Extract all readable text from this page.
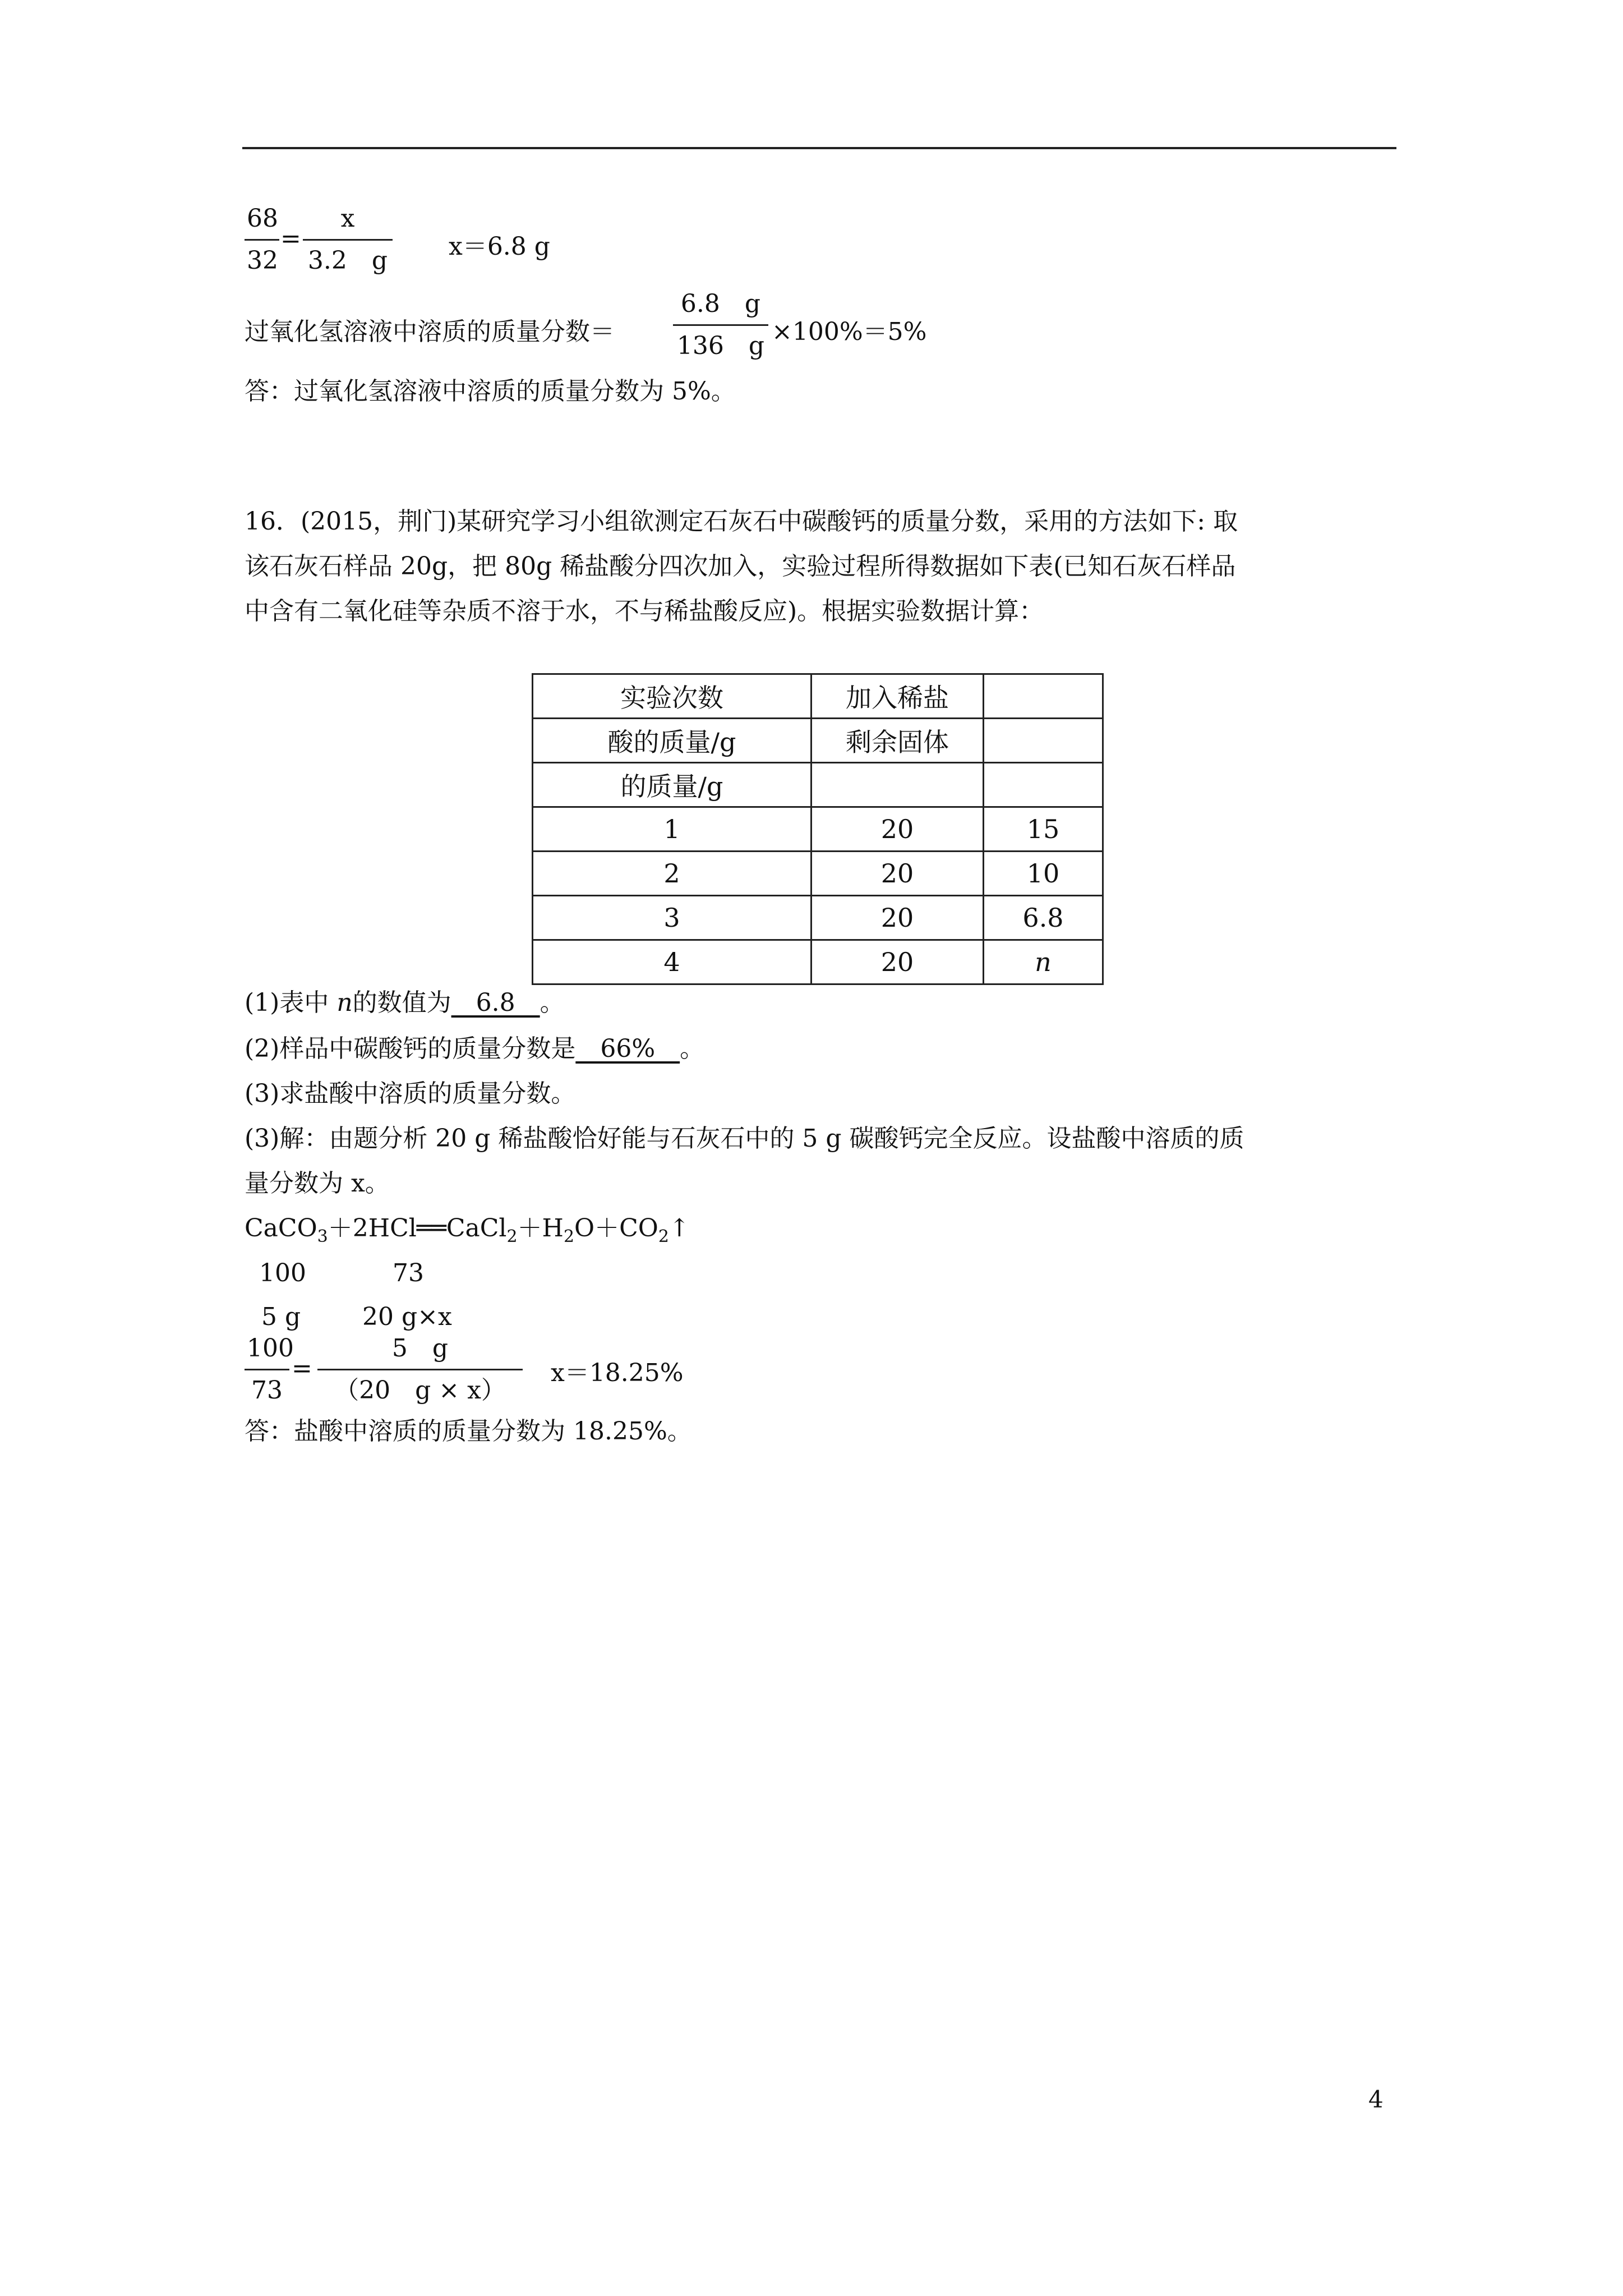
$\frac{68}{32} = \frac{x}{3.2 g} x=6.8$ g
过氧化氢溶液中溶质的质量分数＝ $\frac{6.8 g}{136 g} \times 100\%=5\%$
答：过氧化氢溶液中溶质的质量分数为 5%。
16．(2015，荆门)某研究学习小组欲测定石灰石中碳酸钙的质量分数，采用的方法如下: 取
该石灰石样品 20g，把 80g 稀盐酸分四次加入，实验过程所得数据如下表(已知石灰石样品
中含有二氧化硅等杂质不溶于水，不与稀盐酸反应)。根据实验数据计算：
实验次数	加入稀盐	
酸的质量/g	剩余固体	
的质量/g		
1	20	15
2	20	10
3	20	6.8
4	20	n
(1)表中 n的数值为__6.8__。
(2)样品中碳酸钙的质量分数是__66%__。
(3)求盐酸中溶质的质量分数。
(3)解：由题分析 20 g 稀盐酸恰好能与石灰石中的 5 g 碳酸钙完全反应。设盐酸中溶质的质
量分数为 x。
$CaCO_3+2HCl══CaCl_2+H_2O+CO_2↑$
100	73
5 g 20 g×x
$\frac{100}{73} = \frac{5 g}{(20 g \times x)} x=18.25\%$
答：盐酸中溶质的质量分数为 18.25%。
4
